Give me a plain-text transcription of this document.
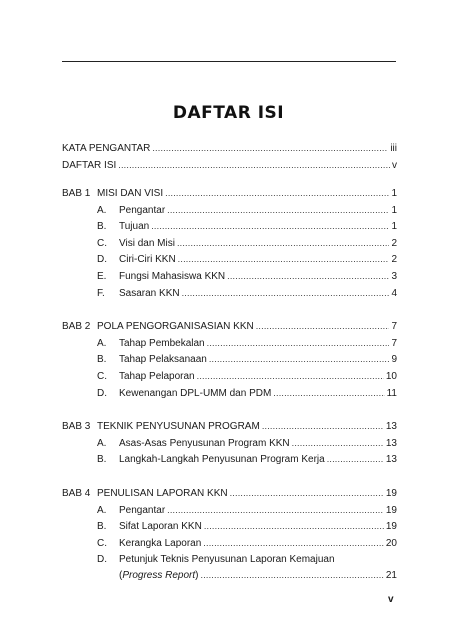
DAFTAR ISI
KATA PENGANTAR .....	iii
DAFTAR ISI .....	v
BAB 1 MISI DAN VISI .....	1
A. Pengantar .....	1
B. Tujuan .....	1
C. Visi dan Misi .....	2
D. Ciri-Ciri KKN .....	2
E. Fungsi Mahasiswa KKN .....	3
F. Sasaran KKN .....	4
BAB 2 POLA PENGORGANISASIAN KKN .....	7
A. Tahap Pembekalan .....	7
B. Tahap Pelaksanaan .....	9
C. Tahap Pelaporan .....	10
D. Kewenangan DPL-UMM dan PDM .....	11
BAB 3 TEKNIK PENYUSUNAN PROGRAM .....	13
A. Asas-Asas Penyusunan Program KKN .....	13
B. Langkah-Langkah Penyusunan Program Kerja .....	13
BAB 4 PENULISAN LAPORAN KKN .....	19
A. Pengantar .....	19
B. Sifat Laporan KKN .....	19
C. Kerangka Laporan .....	20
D. Petunjuk Teknis Penyusunan Laporan Kemajuan
( Progress Report ) .....	21
v
